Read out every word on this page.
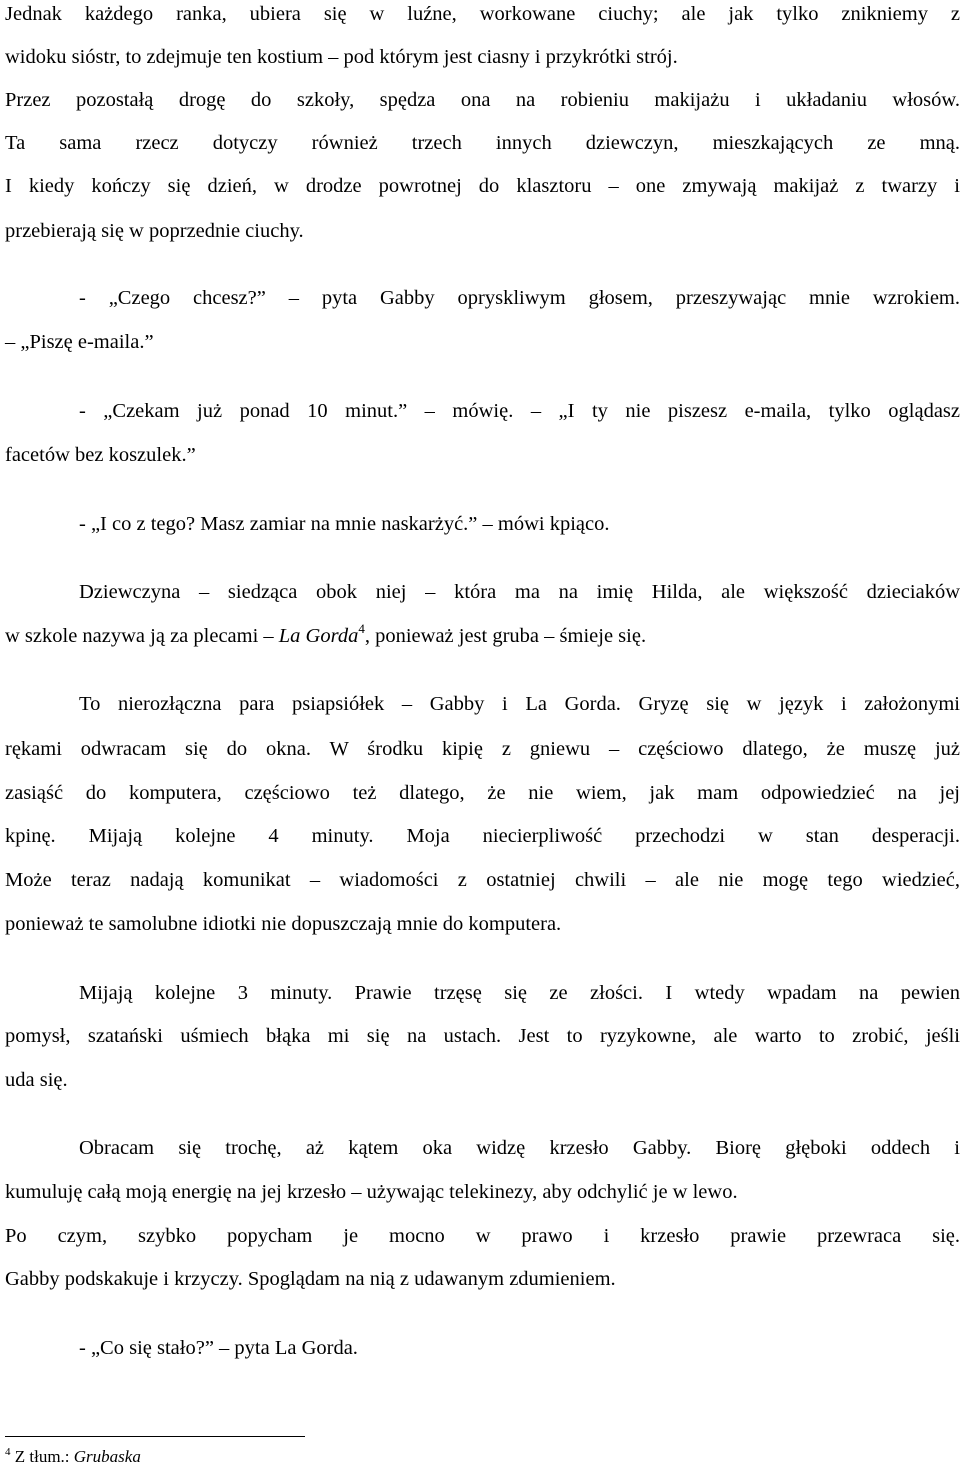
Jednak każdego ranka, ubiera się w luźne, workowane ciuchy; ale jak tylko znikniemy z
widoku sióstr, to zdejmuje ten kostium – pod którym jest ciasny i przykrótki strój.
Przez pozostałą drogę do szkoły, spędza ona na robieniu makijażu i układaniu włosów.
Ta sama rzecz dotyczy również trzech innych dziewczyn, mieszkających ze mną.
I kiedy kończy się dzień, w drodze powrotnej do klasztoru – one zmywają makijaż z twarzy i
przebierają się w poprzednie ciuchy.
- „Czego chcesz?” – pyta Gabby opryskliwym głosem, przeszywając mnie wzrokiem.
– „Piszę e-maila.”
- „Czekam już ponad 10 minut.” – mówię. – „I ty nie piszesz e-maila, tylko oglądasz
facetów bez koszulek.”
- „I co z tego? Masz zamiar na mnie naskarżyć.” – mówi kpiąco.
Dziewczyna – siedząca obok niej – która ma na imię Hilda, ale większość dzieciaków
w szkole nazywa ją za plecami – La Gorda$^4$, ponieważ jest gruba – śmieje się.
To nierozłączna para psiapsiółek – Gabby i La Gorda. Gryzę się w język i założonymi
rękami odwracam się do okna. W środku kipię z gniewu – częściowo dlatego, że muszę już
zasiąść do komputera, częściowo też dlatego, że nie wiem, jak mam odpowiedzieć na jej
kpinę. Mijają kolejne 4 minuty. Moja niecierpliwość przechodzi w stan desperacji.
Może teraz nadają komunikat – wiadomości z ostatniej chwili – ale nie mogę tego wiedzieć,
ponieważ te samolubne idiotki nie dopuszczają mnie do komputera.
Mijają kolejne 3 minuty. Prawie trzęsę się ze złości. I wtedy wpadam na pewien
pomysł, szatański uśmiech błąka mi się na ustach. Jest to ryzykowne, ale warto to zrobić, jeśli
uda się.
Obracam się trochę, aż kątem oka widzę krzesło Gabby. Biorę głęboki oddech i
kumuluję całą moją energię na jej krzesło – używając telekinezy, aby odchylić je w lewo.
Po czym, szybko popycham je mocno w prawo i krzesło prawie przewraca się.
Gabby podskakuje i krzyczy. Spoglądam na nią z udawanym zdumieniem.
- „Co się stało?” – pyta La Gorda.
$^4$ Z tłum.: Grubaska
